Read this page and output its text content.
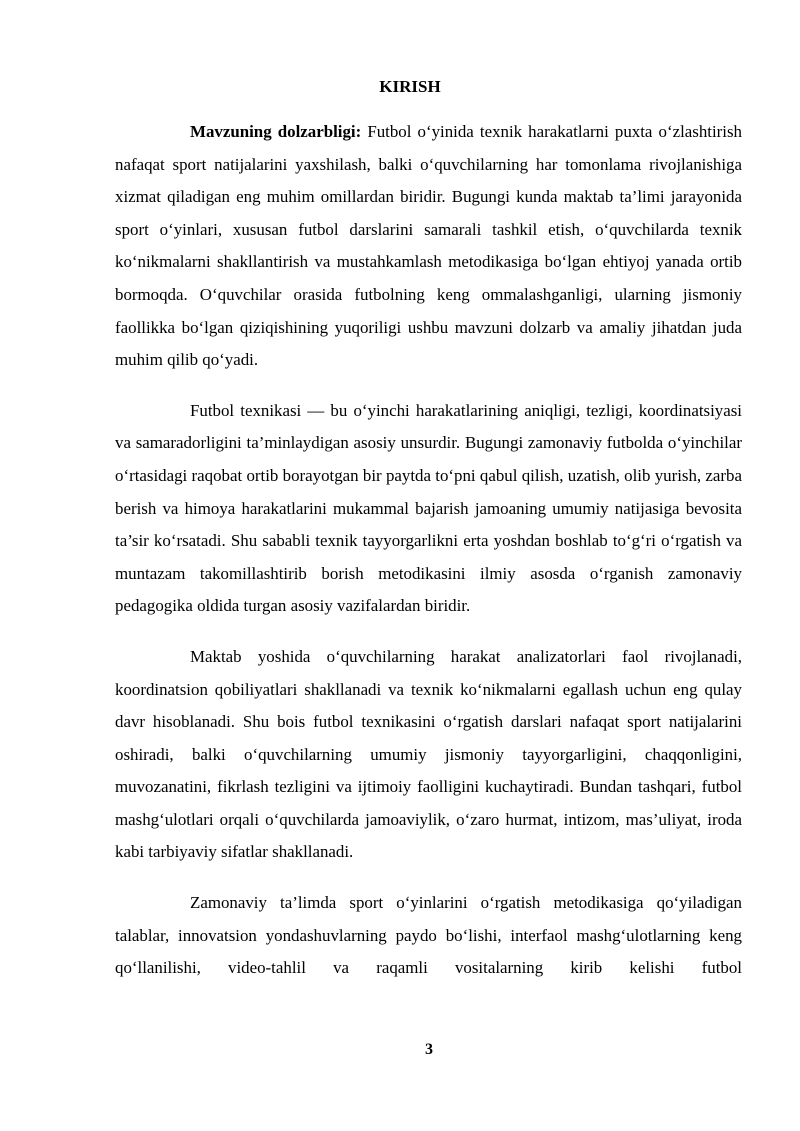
KIRISH

Mavzuning dolzarbligi: Futbol o‘yinida texnik harakatlarni puxta o‘zlashtirish nafaqat sport natijalarini yaxshilash, balki o‘quvchilarning har tomonlama rivojlanishiga xizmat qiladigan eng muhim omillardan biridir. Bugungi kunda maktab ta’limi jarayonida sport o‘yinlari, xususan futbol darslarini samarali tashkil etish, o‘quvchilarda texnik ko‘nikmalarni shakllantirish va mustahkamlash metodikasiga bo‘lgan ehtiyoj yanada ortib bormoqda. O‘quvchilar orasida futbolning keng ommalashganligi, ularning jismoniy faollikka bo‘lgan qiziqishining yuqoriligi ushbu mavzuni dolzarb va amaliy jihatdan juda muhim qilib qo‘yadi.

Futbol texnikasi — bu o‘yinchi harakatlarining aniqligi, tezligi, koordinatsiyasi va samaradorligini ta’minlaydigan asosiy unsurdir. Bugungi zamonaviy futbolda o‘yinchilar o‘rtasidagi raqobat ortib borayotgan bir paytda to‘pni qabul qilish, uzatish, olib yurish, zarba berish va himoya harakatlarini mukammal bajarish jamoaning umumiy natijasiga bevosita ta’sir ko‘rsatadi. Shu sababli texnik tayyorgarlikni erta yoshdan boshlab to‘g‘ri o‘rgatish va muntazam takomillashtirib borish metodikasini ilmiy asosda o‘rganish zamonaviy pedagogika oldida turgan asosiy vazifalardan biridir.

Maktab yoshida o‘quvchilarning harakat analizatorlari faol rivojlanadi, koordinatsion qobiliyatlari shakllanadi va texnik ko‘nikmalarni egallash uchun eng qulay davr hisoblanadi. Shu bois futbol texnikasini o‘rgatish darslari nafaqat sport natijalarini oshiradi, balki o‘quvchilarning umumiy jismoniy tayyorgarligini, chaqqonligini, muvozanatini, fikrlash tezligini va ijtimoiy faolligini kuchaytiradi. Bundan tashqari, futbol mashg‘ulotlari orqali o‘quvchilarda jamoaviylik, o‘zaro hurmat, intizom, mas’uliyat, iroda kabi tarbiyaviy sifatlar shakllanadi.

Zamonaviy ta’limda sport o‘yinlarini o‘rgatish metodikasiga qo‘yiladigan talablar, innovatsion yondashuvlarning paydo bo‘lishi, interfaol mashg‘ulotlarning keng qo‘llanilishi, video-tahlil va raqamli vositalarning kirib kelishi futbol

3
